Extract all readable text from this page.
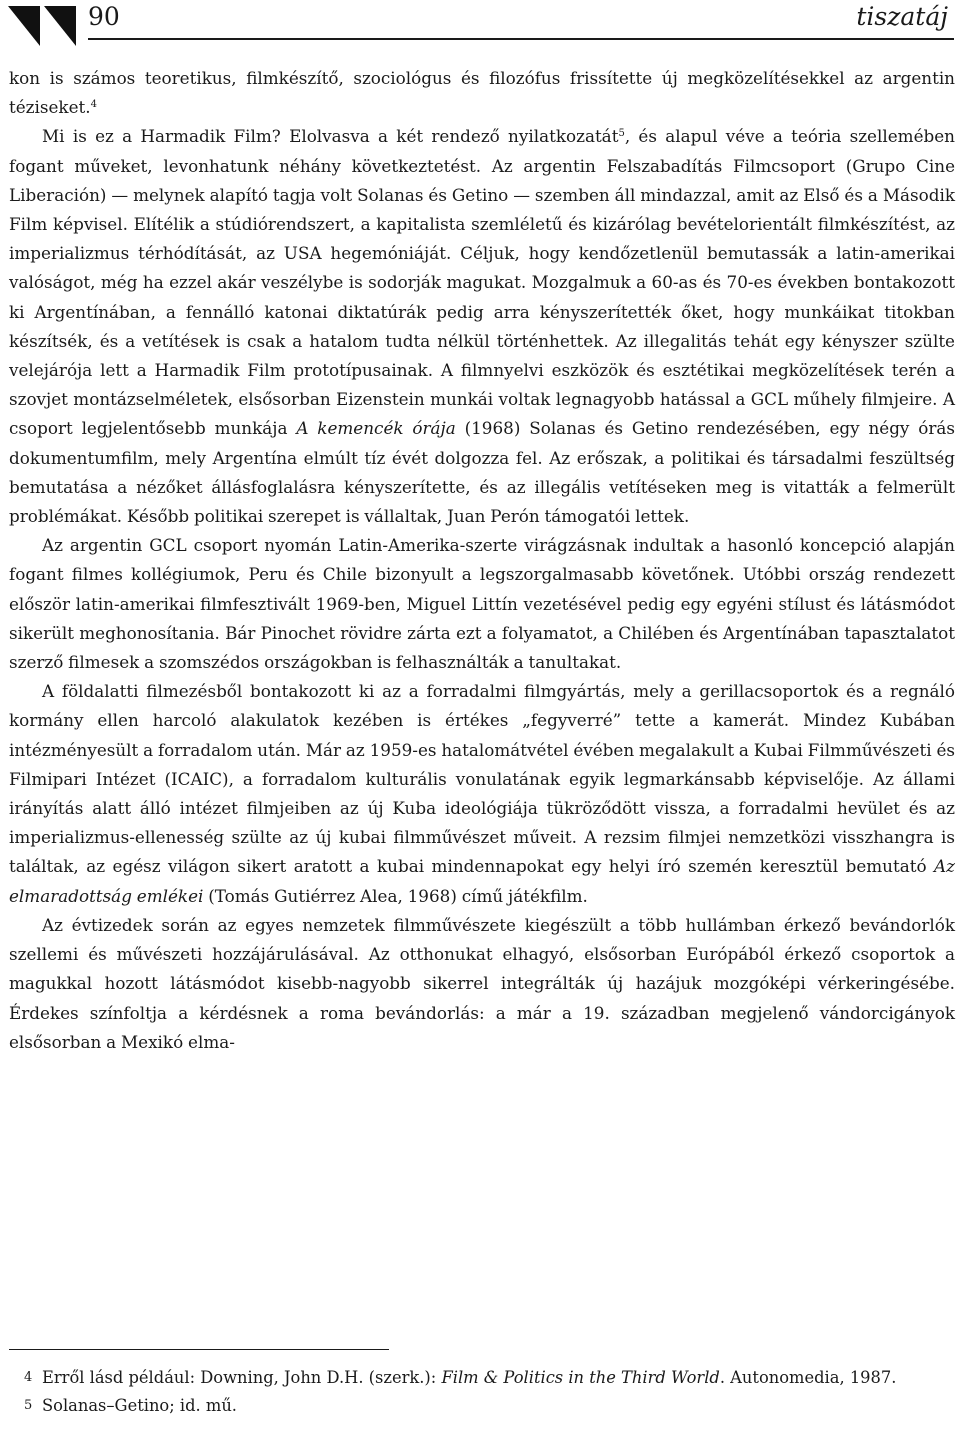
90	tiszatáj

kon is számos teoretikus, filmkészítő, szociológus és filozófus frissítette új megközelítésekkel az argentin téziseket.$^4$

Mi is ez a Harmadik Film? Elolvasva a két rendező nyilatkozatát$^5$, és alapul véve a teória szellemében fogant műveket, levonhatunk néhány következtetést. Az argentin Felszabadítás Filmcsoport (Grupo Cine Liberación) — melynek alapító tagja volt Solanas és Getino — szemben áll mindazzal, amit az Első és a Második Film képvisel. Elítélik a stúdiórendszert, a kapitalista szemléletű és kizárólag bevételorientált filmkészítést, az imperializmus térhódítását, az USA hegemóniáját. Céljuk, hogy kendőzetlenül bemutassák a latin-amerikai valóságot, még ha ezzel akár veszélybe is sodorják magukat. Mozgalmuk a 60-as és 70-es években bontakozott ki Argentínában, a fennálló katonai diktatúrák pedig arra kényszerítették őket, hogy munkáikat titokban készítsék, és a vetítések is csak a hatalom tudta nélkül történhettek. Az illegalitás tehát egy kényszer szülte velejárója lett a Harmadik Film prototípusainak. A filmnyelvi eszközök és esztétikai megközelítések terén a szovjet montázselméletek, elsősorban Eizenstein munkái voltak legnagyobb hatással a GCL műhely filmjeire. A csoport legjelentősebb munkája A kemencék órája (1968) Solanas és Getino rendezésében, egy négy órás dokumentumfilm, mely Argentína elmúlt tíz évét dolgozza fel. Az erőszak, a politikai és társadalmi feszültség bemutatása a nézőket állásfoglalásra kényszerítette, és az illegális vetítéseken meg is vitatták a felmerült problémákat. Később politikai szerepet is vállaltak, Juan Perón támogatói lettek.

Az argentin GCL csoport nyomán Latin-Amerika-szerte virágzásnak indultak a hasonló koncepció alapján fogant filmes kollégiumok, Peru és Chile bizonyult a legszorgalmasabb követőnek. Utóbbi ország rendezett először latin-amerikai filmfesztivált 1969-ben, Miguel Littín vezetésével pedig egy egyéni stílust és látásmódot sikerült meghonosítania. Bár Pinochet rövidre zárta ezt a folyamatot, a Chilében és Argentínában tapasztalatot szerző filmesek a szomszédos országokban is felhasználták a tanultakat.

A földalatti filmezésből bontakozott ki az a forradalmi filmgyártás, mely a gerillacsoportok és a regnáló kormány ellen harcoló alakulatok kezében is értékes „fegyverré” tette a kamerát. Mindez Kubában intézményesült a forradalom után. Már az 1959-es hatalomátvétel évében megalakult a Kubai Filmművészeti és Filmipari Intézet (ICAIC), a forradalom kulturális vonulatának egyik legmarkánsabb képviselője. Az állami irányítás alatt álló intézet filmjeiben az új Kuba ideológiája tükröződött vissza, a forradalmi hevület és az imperializmus-ellenesség szülte az új kubai filmművészet műveit. A rezsim filmjei nemzetközi visszhangra is találtak, az egész világon sikert aratott a kubai mindennapokat egy helyi író szemén keresztül bemutató Az elmaradottság emlékei (Tomás Gutiérrez Alea, 1968) című játékfilm.

Az évtizedek során az egyes nemzetek filmművészete kiegészült a több hullámban érkező bevándorlók szellemi és művészeti hozzájárulásával. Az otthonukat elhagyó, elsősorban Európából érkező csoportok a magukkal hozott látásmódot kisebb-nagyobb sikerrel integrálták új hazájuk mozgóképi vérkeringésébe. Érdekes színfoltja a kérdésnek a roma bevándorlás: a már a 19. században megjelenő vándorcigányok elsősorban a Mexikó elma-

4 Erről lásd például: Downing, John D.H. (szerk.): Film & Politics in the Third World. Autonomedia, 1987.
5 Solanas–Getino; id. mű.
